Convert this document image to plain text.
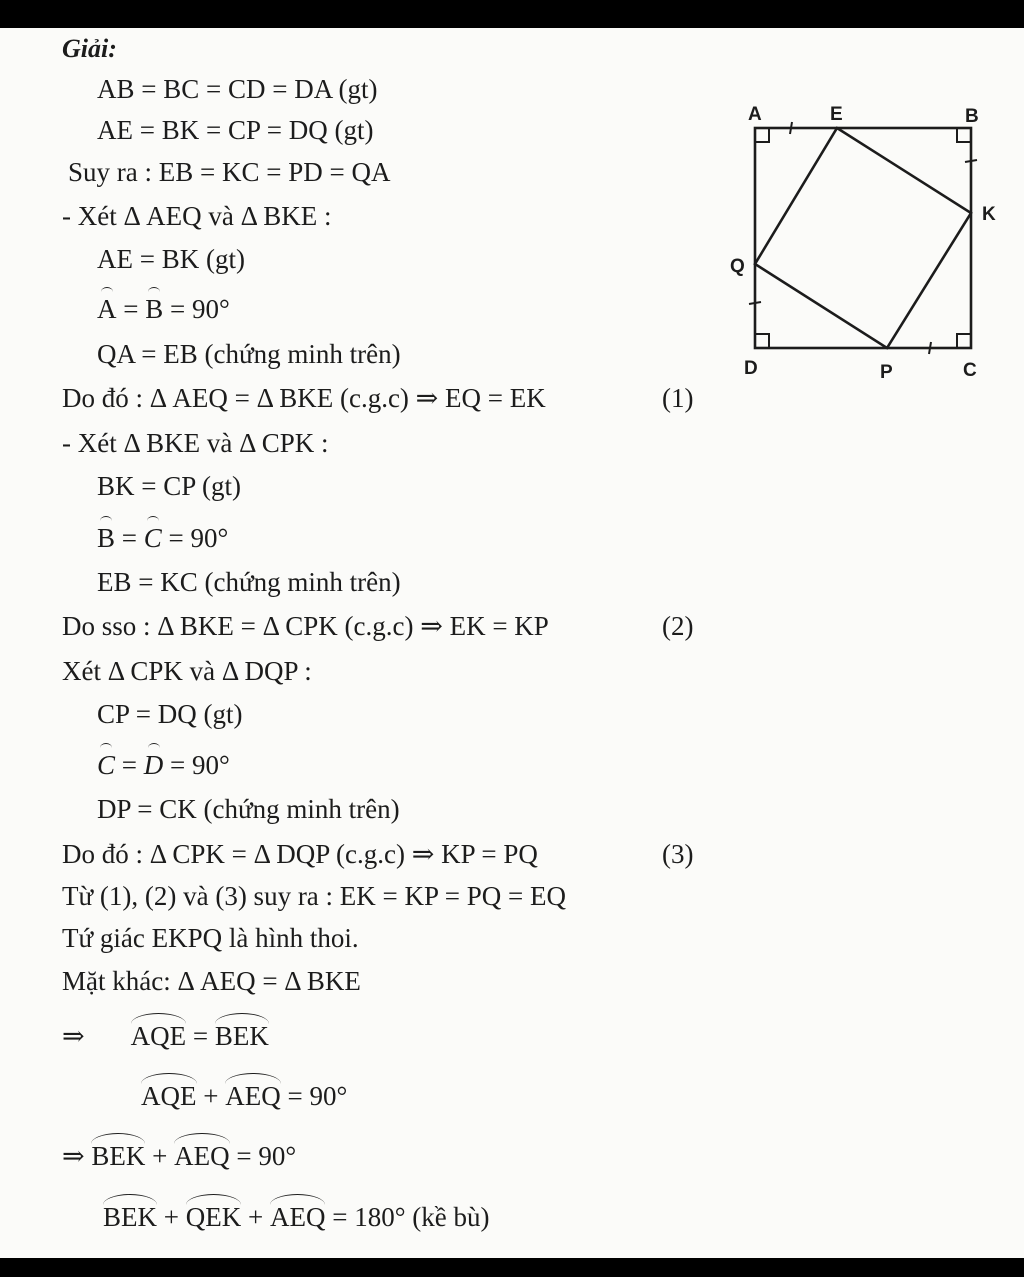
Giải:
AB = BC = CD = DA (gt)
AE = BK = CP = DQ (gt)
Suy ra : EB = KC = PD = QA
- Xét Δ AEQ và Δ BKE :
AE = BK (gt)
A = B = 90°
QA = EB (chứng minh trên)
Do đó : Δ AEQ = Δ BKE (c.g.c) ⇒ EQ = EK	(1)
- Xét Δ BKE và Δ CPK :
BK = CP (gt)
B = C = 90°
EB = KC (chứng minh trên)
Do sso : Δ BKE = Δ CPK (c.g.c) ⇒ EK = KP	(2)
Xét Δ CPK và Δ DQP :
CP = DQ (gt)
C = D = 90°
DP = CK (chứng minh trên)
Do đó : Δ CPK = Δ DQP (c.g.c) ⇒ KP = PQ	(3)
Từ (1), (2) và (3) suy ra : EK = KP = PQ = EQ
Tứ giác EKPQ là hình thoi.
Mặt khác: Δ AEQ = Δ BKE
⇒ AQE = BEK
AQE + AEQ = 90°
⇒ BEK + AEQ = 90°
BEK + QEK + AEQ = 180° (kề bù)
A	E	B
K
Q
D	P	C
